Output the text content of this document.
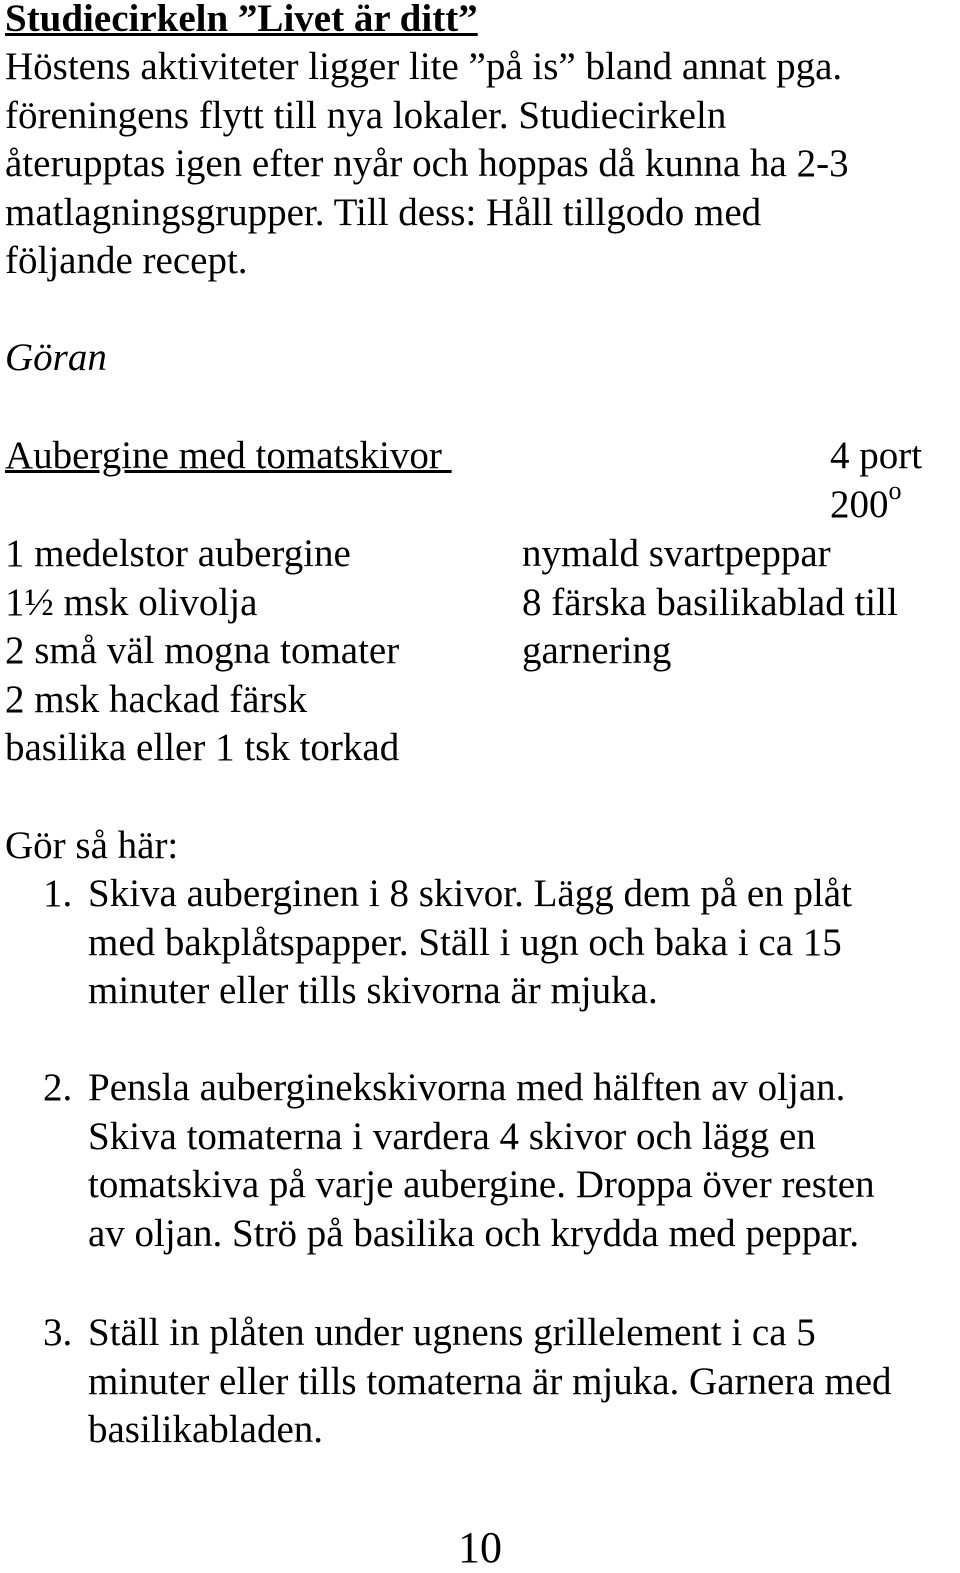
Studiecirkeln ”Livet är ditt”
Höstens aktiviteter ligger lite ”på is” bland annat pga.
föreningens flytt till nya lokaler. Studiecirkeln
återupptas igen efter nyår och hoppas då kunna ha 2-3
matlagningsgrupper. Till dess: Håll tillgodo med
följande recept.
Göran
Aubergine med tomatskivor	4 port
200$^o$
1 medelstor aubergine
1½ msk olivolja
2 små väl mogna tomater
2 msk hackad färsk
basilika eller 1 tsk torkad
nymald svartpeppar
8 färska basilikablad till
garnering
Gör så här:
1. Skiva auberginen i 8 skivor. Lägg dem på en plåt
med bakplåtspapper. Ställ i ugn och baka i ca 15
minuter eller tills skivorna är mjuka.
2. Pensla auberginekskivorna med hälften av oljan.
Skiva tomaterna i vardera 4 skivor och lägg en
tomatskiva på varje aubergine. Droppa över resten
av oljan. Strö på basilika och krydda med peppar.
3. Ställ in plåten under ugnens grillelement i ca 5
minuter eller tills tomaterna är mjuka. Garnera med
basilikabladen.
10
